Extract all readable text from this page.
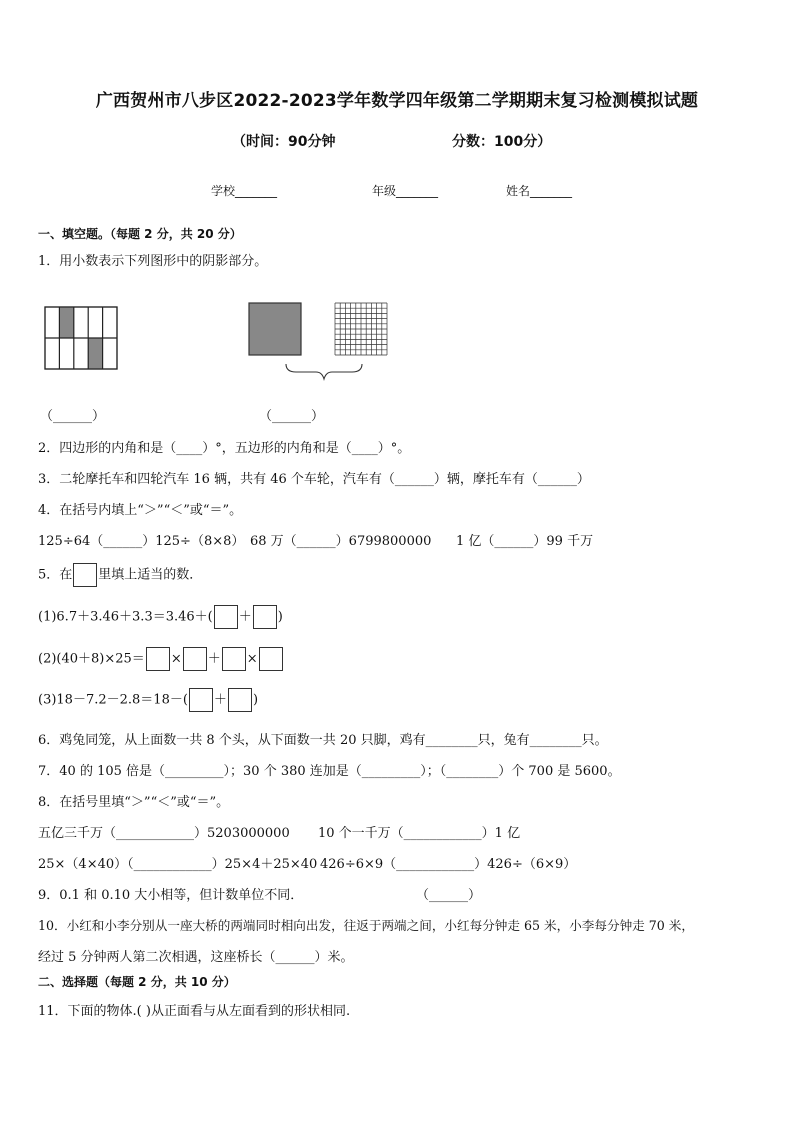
广西贺州市八步区2022-2023学年数学四年级第二学期期末复习检测模拟试题
（时间：90分钟	分数：100分）
学校_______	年级_______	姓名_______
一、填空题。（每题 2 分，共 20 分）
1．用小数表示下列图形中的阴影部分。
（______）	（______）
2．四边形的内角和是（____）°，五边形的内角和是（____）°。
3．二轮摩托车和四轮汽车 16 辆，共有 46 个车轮，汽车有（______）辆，摩托车有（______）
4．在括号内填上“＞”“＜”或“＝”。
125÷64（______）125÷（8×8） 68 万（______）6799800000 1 亿（______）99 千万
5．在 里填上适当的数．
(1)6.7＋3.46＋3.3＝3.46＋( ＋ )
(2)(40＋8)×25＝ × ＋ ×
(3)18－7.2－2.8＝18－( ＋ )
6．鸡兔同笼，从上面数一共 8 个头，从下面数一共 20 只脚，鸡有________只，兔有________只。
7．40 的 105 倍是（_________）；30 个 380 连加是（_________）；（________）个 700 是 5600。
8．在括号里填“＞”“＜”或“＝”。
五亿三千万（____________）5203000000 10 个一千万（____________）1 亿
25×（4×40）（____________）25×4＋25×40 426÷6×9（____________）426÷（6×9）
9．0.1 和 0.10 大小相等，但计数单位不同．	（______）
10．小红和小李分别从一座大桥的两端同时相向出发，往返于两端之间，小红每分钟走 65 米，小李每分钟走 70 米，
经过 5 分钟两人第二次相遇，这座桥长（______）米。
二、选择题（每题 2 分，共 10 分）
11．下面的物体.( )从正面看与从左面看到的形状相同.
